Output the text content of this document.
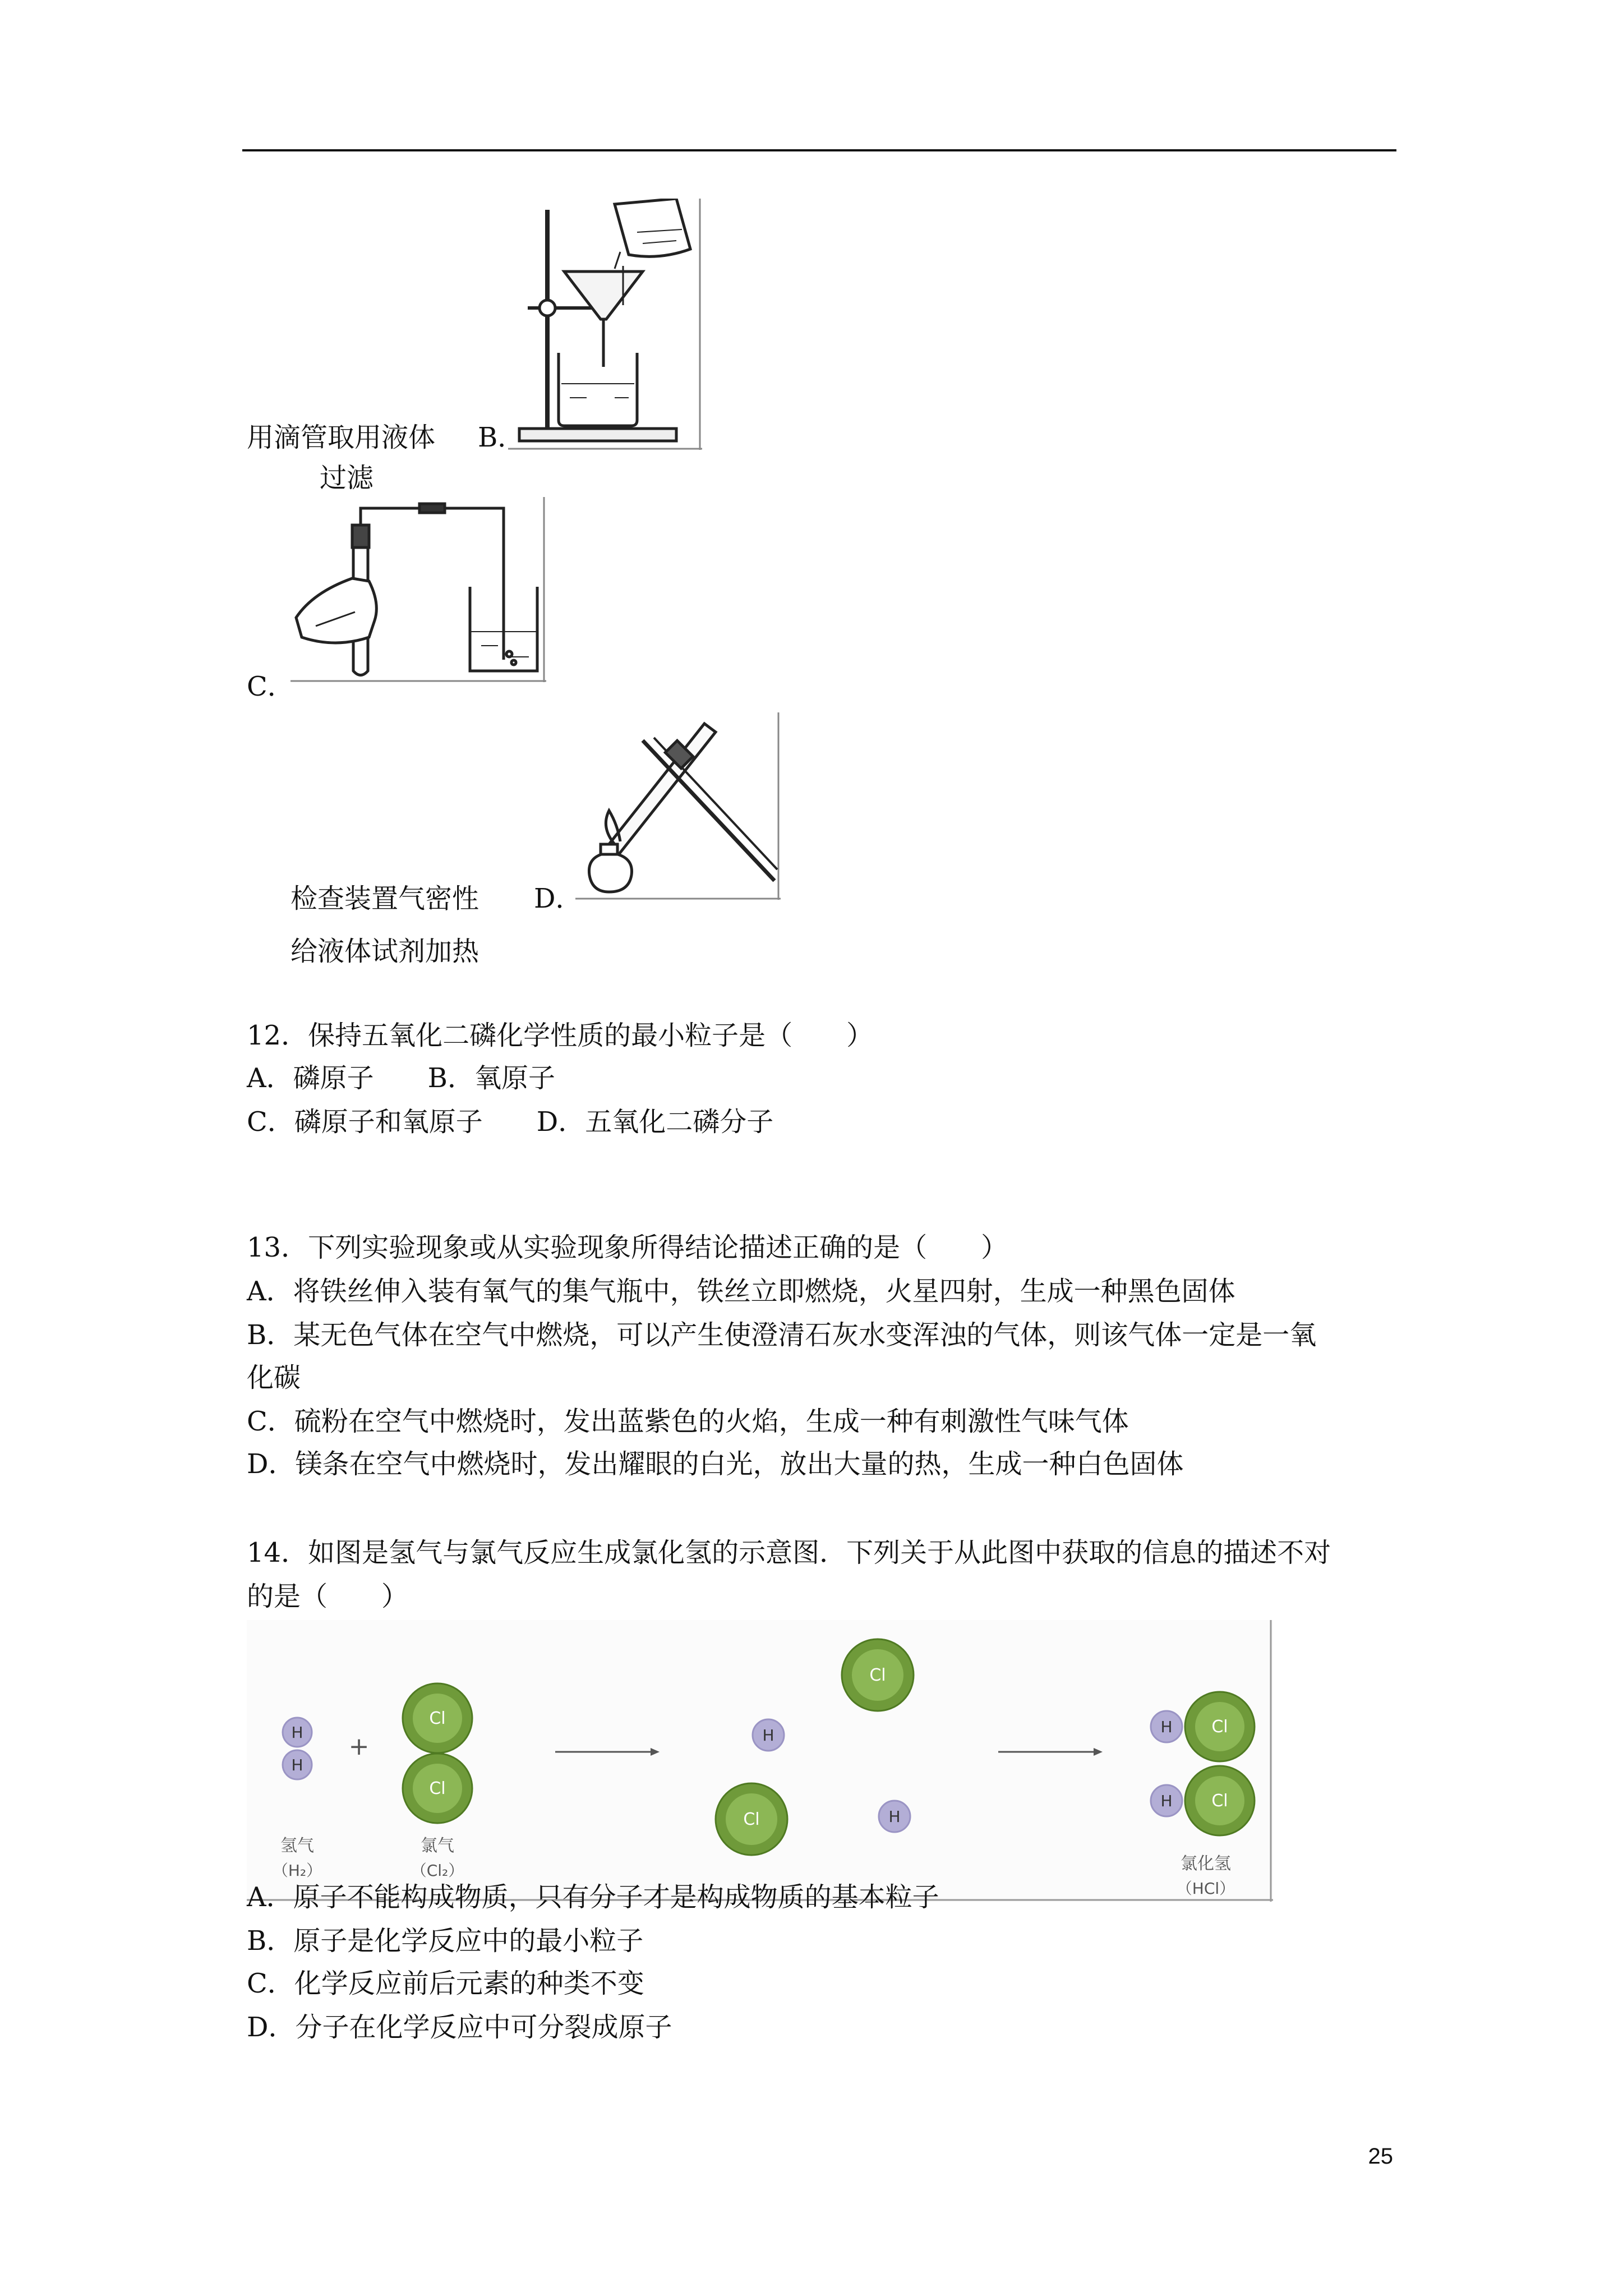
用滴管取用液体 B．
过滤
C．
检查装置气密性 D．
给液体试剂加热
12．保持五氧化二磷化学性质的最小粒子是（　　）
A．磷原子　　B．氧原子
C．磷原子和氧原子　　D．五氧化二磷分子
13．下列实验现象或从实验现象所得结论描述正确的是（　　）
A．将铁丝伸入装有氧气的集气瓶中，铁丝立即燃烧，火星四射，生成一种黑色固体
B．某无色气体在空气中燃烧，可以产生使澄清石灰水变浑浊的气体，则该气体一定是一氧
化碳
C．硫粉在空气中燃烧时，发出蓝紫色的火焰，生成一种有刺激性气味气体
D．镁条在空气中燃烧时，发出耀眼的白光，放出大量的热，生成一种白色固体
14．如图是氢气与氯气反应生成氯化氢的示意图．下列关于从此图中获取的信息的描述不对
的是（　　）
H
H
+
Cl
Cl
氢气
（H₂）
氯气
（Cl₂）
Cl
H
Cl	H
Cl
H
Cl
H
氯化氢
（HCl）
A．原子不能构成物质，只有分子才是构成物质的基本粒子
B．原子是化学反应中的最小粒子
C．化学反应前后元素的种类不变
D．分子在化学反应中可分裂成原子
25
